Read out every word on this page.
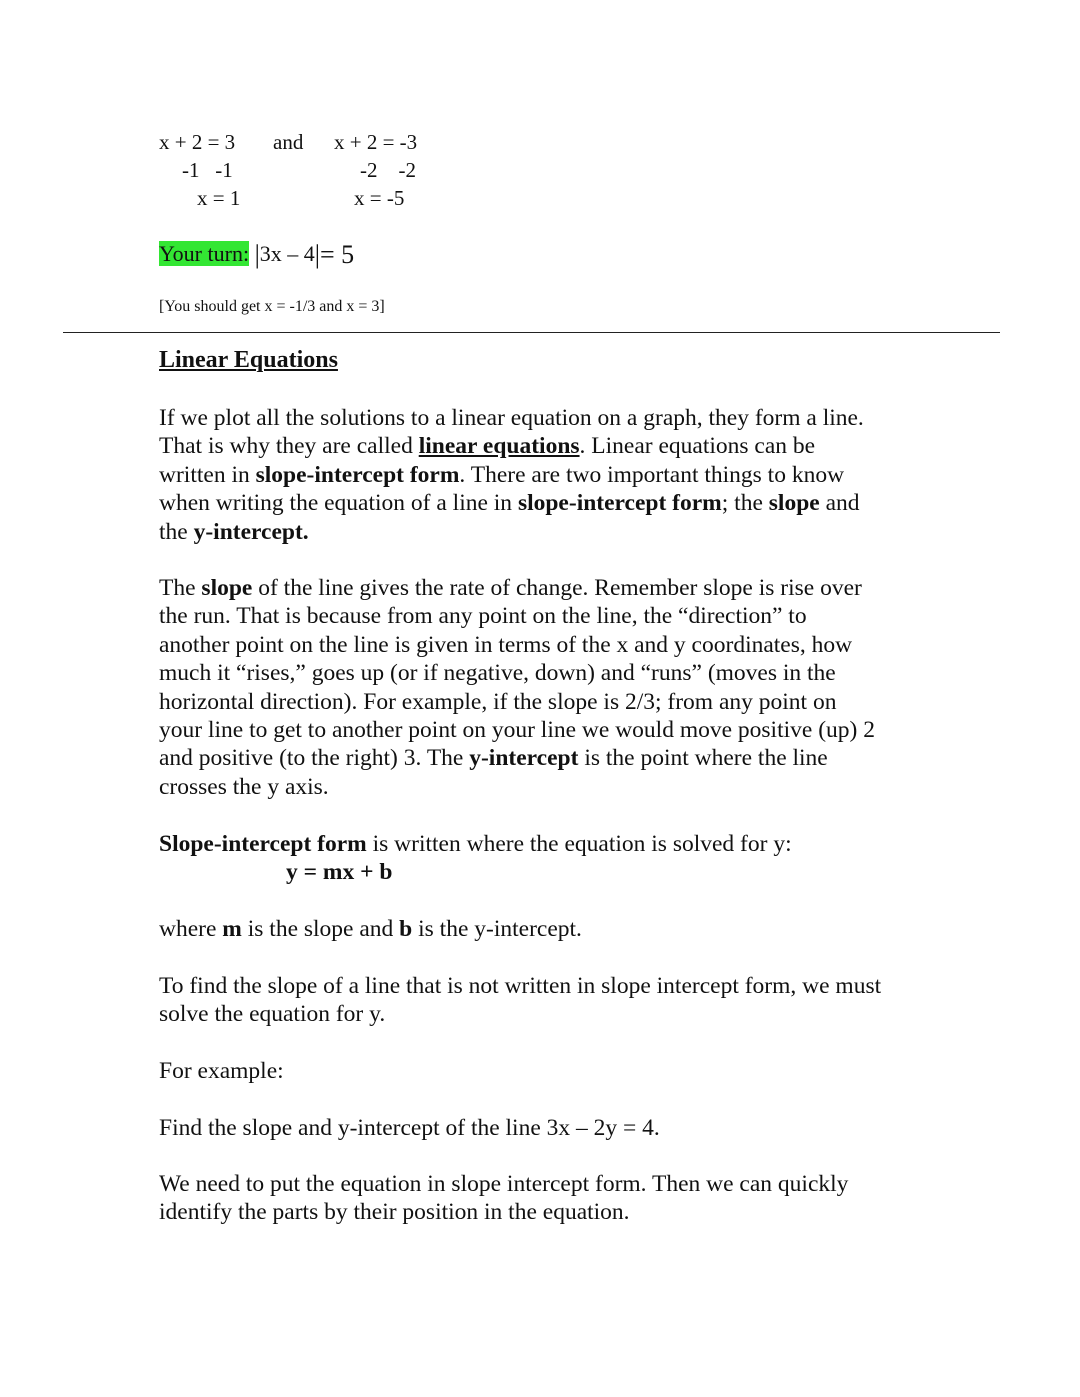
x + 2 = 3
-1   -1
x = 1
and x + 2 = -3
-2    -2
x = -5
Your turn: |3x – 4|= 5
[You should get x = -1/3 and x = 3]
Linear Equations
If we plot all the solutions to a linear equation on a graph, they form a line.
That is why they are called linear equations. Linear equations can be
written in slope-intercept form. There are two important things to know
when writing the equation of a line in slope-intercept form; the slope and
the y-intercept.
The slope of the line gives the rate of change. Remember slope is rise over
the run. That is because from any point on the line, the “direction” to
another point on the line is given in terms of the x and y coordinates, how
much it “rises,” goes up (or if negative, down) and “runs” (moves in the
horizontal direction). For example, if the slope is 2/3; from any point on
your line to get to another point on your line we would move positive (up) 2
and positive (to the right) 3. The y-intercept is the point where the line
crosses the y axis.
Slope-intercept form is written where the equation is solved for y:
y = mx + b
where m is the slope and b is the y-intercept.
To find the slope of a line that is not written in slope intercept form, we must
solve the equation for y.
For example:
Find the slope and y-intercept of the line 3x – 2y = 4.
We need to put the equation in slope intercept form. Then we can quickly
identify the parts by their position in the equation.
